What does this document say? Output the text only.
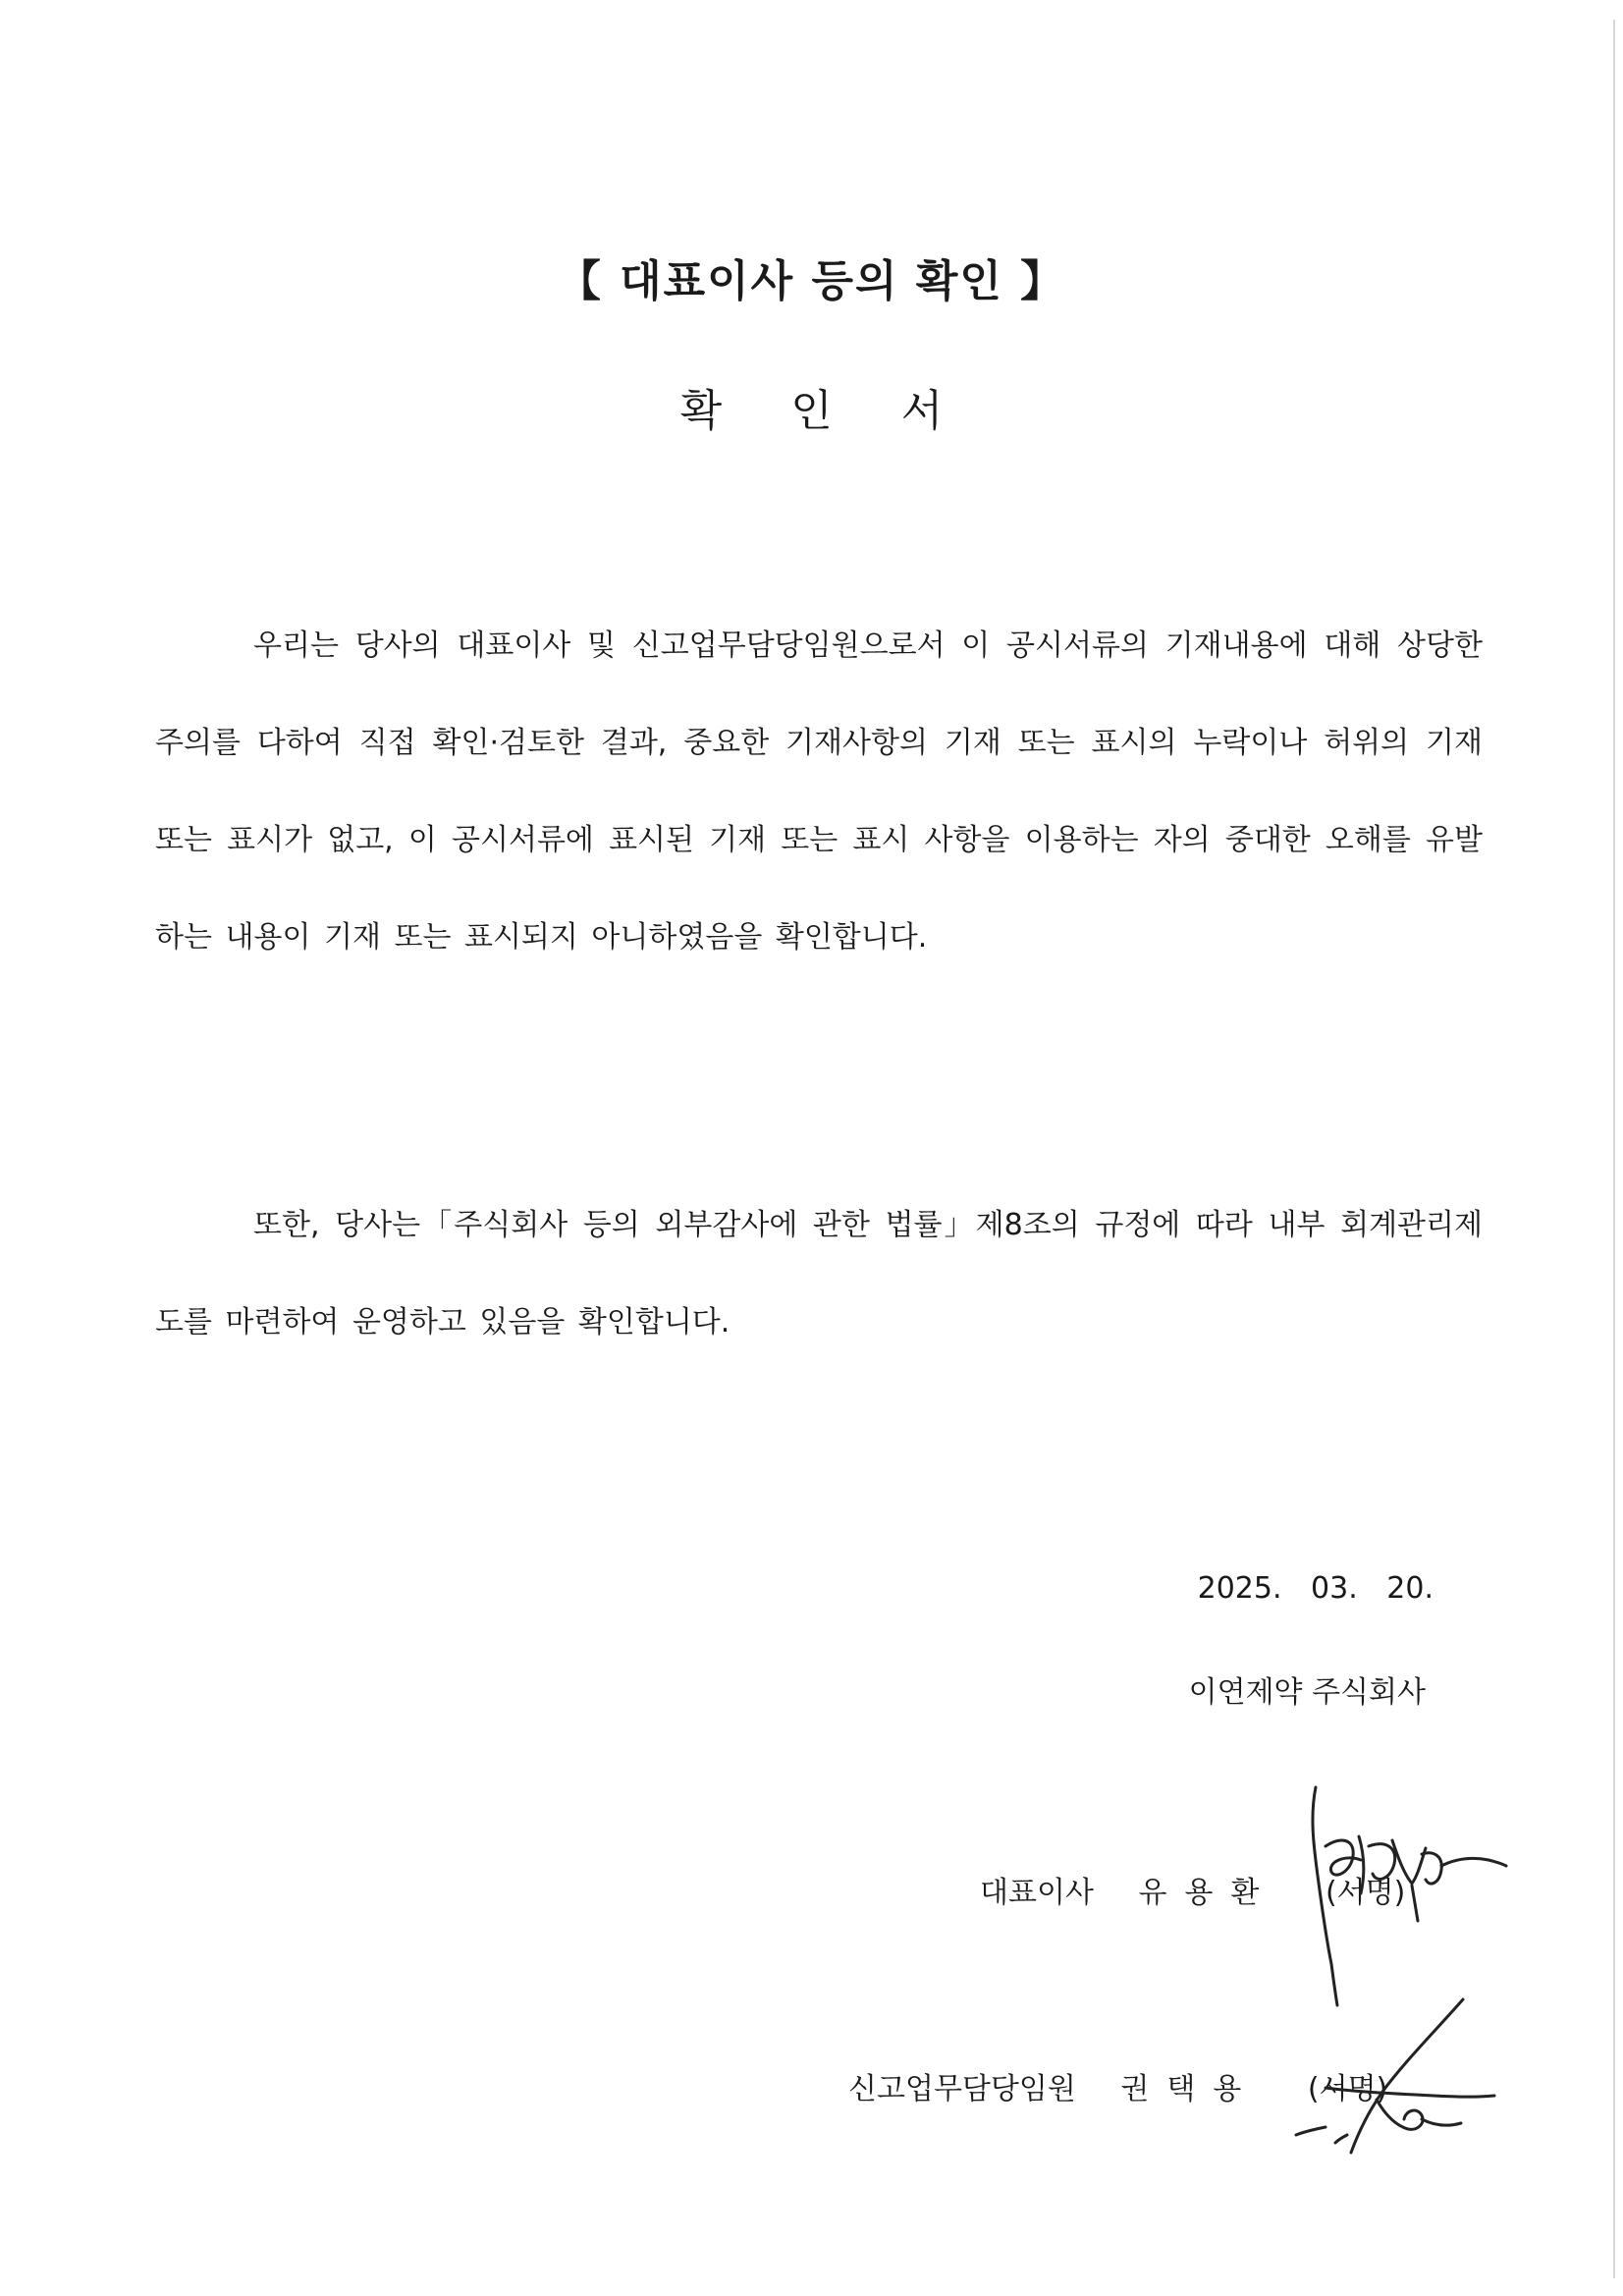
【 대표이사 등의 확인 】
확 인 서

우리는 당사의 대표이사 및 신고업무담당임원으로서 이 공시서류의 기재내용에 대해 상당한 주의를 다하여 직접 확인·검토한 결과, 중요한 기재사항의 기재 또는 표시의 누락이나 허위의 기재 또는 표시가 없고, 이 공시서류에 표시된 기재 또는 표시 사항을 이용하는 자의 중대한 오해를 유발하는 내용이 기재 또는 표시되지 아니하였음을 확인합니다.

또한, 당사는「주식회사 등의 외부감사에 관한 법률」제8조의 규정에 따라 내부 회계관리제도를 마련하여 운영하고 있음을 확인합니다.

2025. 03. 20.
이연제약 주식회사
대표이사 유용환 (서명)
신고업무담당임원 권택용 (서명)
